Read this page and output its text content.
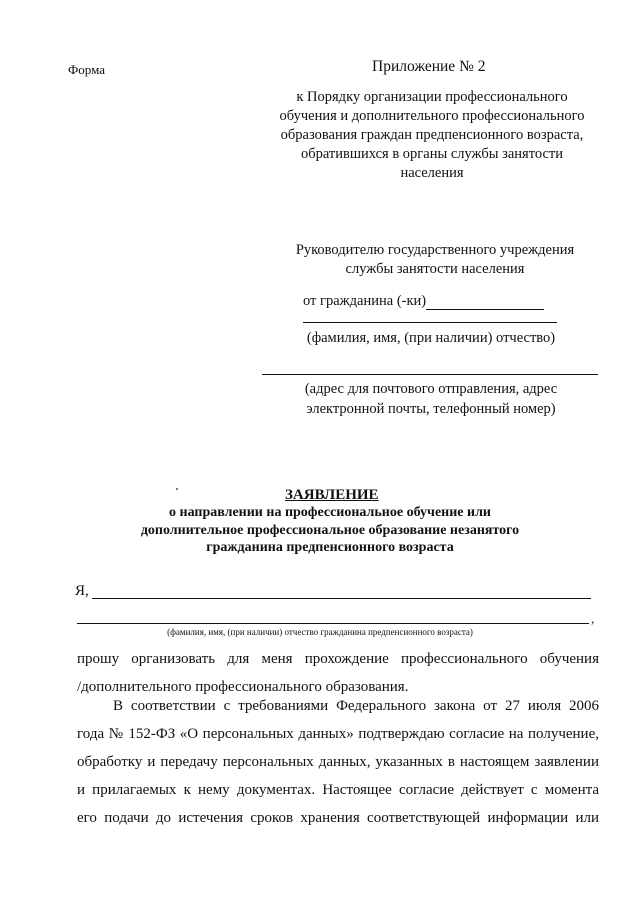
Форма	Приложение № 2
к Порядку организации профессионального
обучения и дополнительного профессионального
образования граждан предпенсионного возраста,
обратившихся в органы службы занятости
населения
Руководителю государственного учреждения
службы занятости населения
от гражданина (-ки)
(фамилия, имя, (при наличии) отчество)
(адрес для почтового отправления, адрес
электронной почты, телефонный номер)
ЗАЯВЛЕНИЕ
о направлении на профессиональное обучение или
дополнительное профессиональное образование незанятого
гражданина предпенсионного возраста
Я,
,
(фамилия, имя, (при наличии) отчество гражданина предпенсионного возраста)

прошу организовать для меня прохождение профессионального обучения

/дополнительного профессионального образования.

В соответствии с требованиями Федерального закона от 27 июля 2006

года № 152-ФЗ «О персональных данных» подтверждаю согласие на получение,

обработку и передачу персональных данных, указанных в настоящем заявлении

и прилагаемых к нему документах. Настоящее согласие действует с момента

его подачи до истечения сроков хранения соответствующей информации или
